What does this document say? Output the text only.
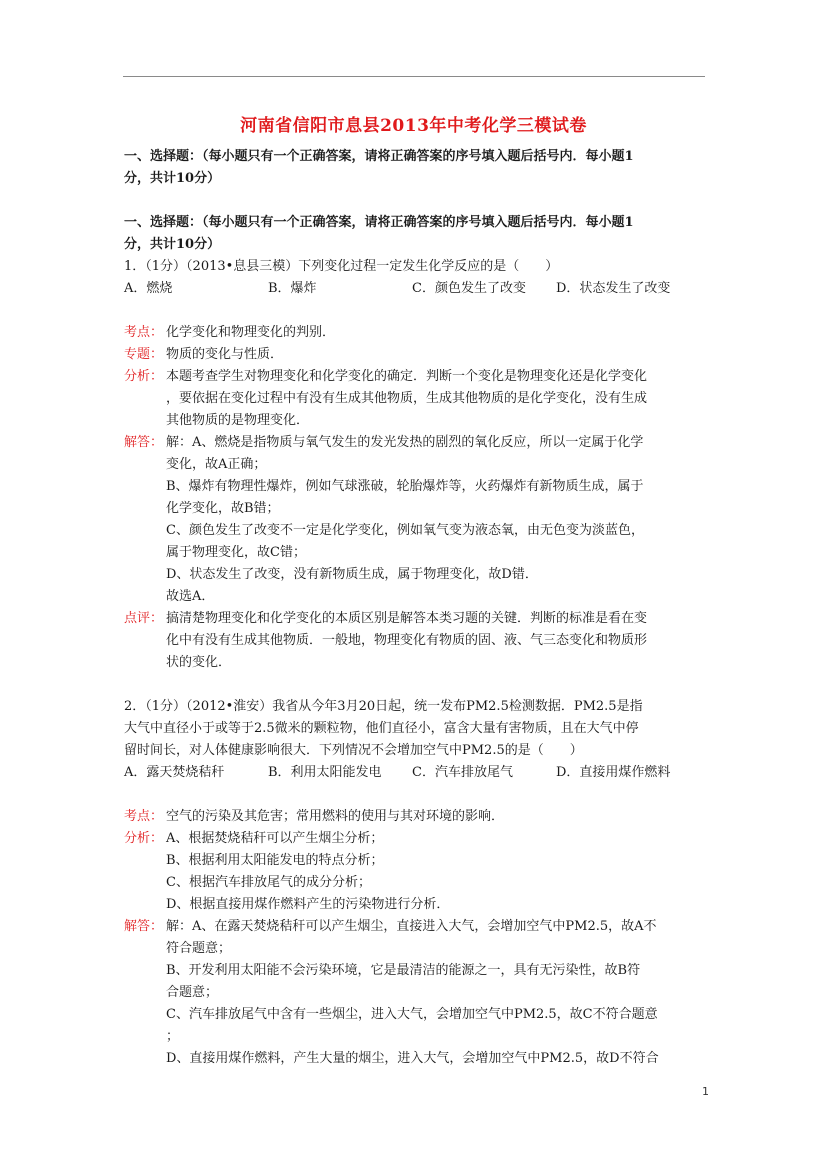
河南省信阳市息县2013年中考化学三模试卷
一、选择题：（每小题只有一个正确答案，请将正确答案的序号填入题后括号内．每小题1
分，共计10分）
一、选择题：（每小题只有一个正确答案，请将正确答案的序号填入题后括号内．每小题1
分，共计10分）
1．（1分）（2013•息县三模）下列变化过程一定发生化学反应的是（　　）
A．燃烧	B．爆炸	C．颜色发生了改变	D．状态发生了改变
考点： 化学变化和物理变化的判别．
专题： 物质的变化与性质．
分析： 本题考查学生对物理变化和化学变化的确定．判断一个变化是物理变化还是化学变化
，要依据在变化过程中有没有生成其他物质，生成其他物质的是化学变化，没有生成
其他物质的是物理变化．
解答： 解：A、燃烧是指物质与氧气发生的发光发热的剧烈的氧化反应，所以一定属于化学
变化，故A正确；
B、爆炸有物理性爆炸，例如气球涨破，轮胎爆炸等，火药爆炸有新物质生成，属于
化学变化，故B错；
C、颜色发生了改变不一定是化学变化，例如氧气变为液态氧，由无色变为淡蓝色，
属于物理变化，故C错；
D、状态发生了改变，没有新物质生成，属于物理变化，故D错．
故选A．
点评： 搞清楚物理变化和化学变化的本质区别是解答本类习题的关键．判断的标准是看在变
化中有没有生成其他物质．一般地，物理变化有物质的固、液、气三态变化和物质形
状的变化．
2．（1分）（2012•淮安）我省从今年3月20日起，统一发布PM2.5检测数据．PM2.5是指
大气中直径小于或等于2.5微米的颗粒物，他们直径小，富含大量有害物质，且在大气中停
留时间长，对人体健康影响很大．下列情况不会增加空气中PM2.5的是（　　）
A．露天焚烧秸秆	B．利用太阳能发电	C．汽车排放尾气	D．直接用煤作燃料
考点： 空气的污染及其危害；常用燃料的使用与其对环境的影响．
分析： A、根据焚烧秸秆可以产生烟尘分析；
B、根据利用太阳能发电的特点分析；
C、根据汽车排放尾气的成分分析；
D、根据直接用煤作燃料产生的污染物进行分析．
解答： 解：A、在露天焚烧秸秆可以产生烟尘，直接进入大气，会增加空气中PM2.5，故A不
符合题意；
B、开发利用太阳能不会污染环境，它是最清洁的能源之一，具有无污染性，故B符
合题意；
C、汽车排放尾气中含有一些烟尘，进入大气，会增加空气中PM2.5，故C不符合题意
；
D、直接用煤作燃料，产生大量的烟尘，进入大气，会增加空气中PM2.5，故D不符合
1
